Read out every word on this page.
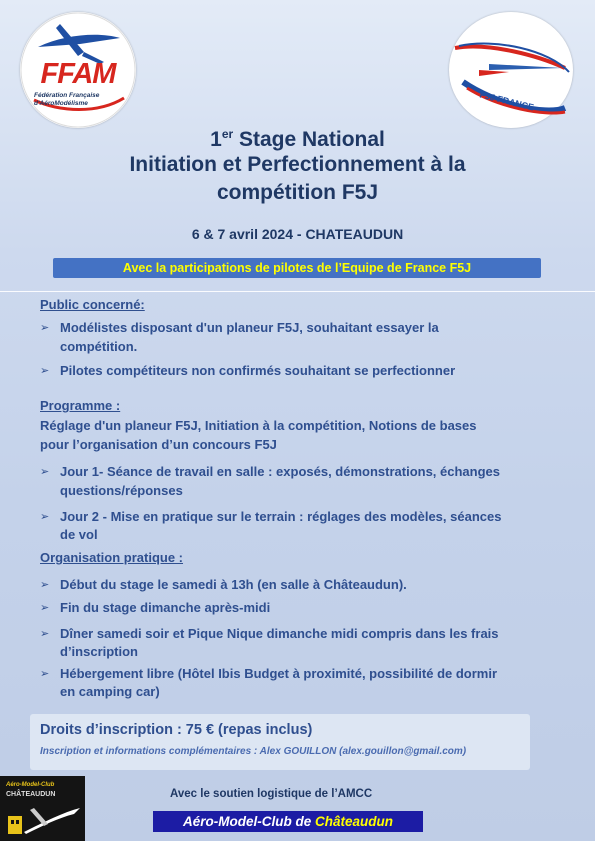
FFAM
Fédération Française
d'AéroModélisme	F5J FRANCE
1er Stage National
Initiation et Perfectionnement à la
compétition F5J
6 & 7 avril 2024 - CHATEAUDUN
Avec la participations de pilotes de l’Equipe de France F5J
Public concerné:
➢ Modélistes disposant d'un planeur F5J, souhaitant essayer la
compétition.
➢ Pilotes compétiteurs non confirmés souhaitant se perfectionner
Programme :
Réglage d'un planeur F5J, Initiation à la compétition, Notions de bases
pour l’organisation d’un concours F5J
➢ Jour 1- Séance de travail en salle : exposés, démonstrations, échanges
questions/réponses
➢ Jour 2 - Mise en pratique sur le terrain : réglages des modèles, séances
de vol
Organisation pratique :
➢ Début du stage le samedi à 13h (en salle à Châteaudun).
➢ Fin du stage dimanche après-midi
➢ Dîner samedi soir et Pique Nique dimanche midi compris dans les frais
d’inscription
➢ Hébergement libre (Hôtel Ibis Budget à proximité, possibilité de dormir
en camping car)
Droits d’inscription : 75 € (repas inclus)
Inscription et informations complémentaires : Alex GOUILLON (alex.gouillon@gmail.com)
Aéro-Model-Club
CHÂTEAUDUN	Avec le soutien logistique de l’AMCC
Aéro-Model-Club de Châteaudun
